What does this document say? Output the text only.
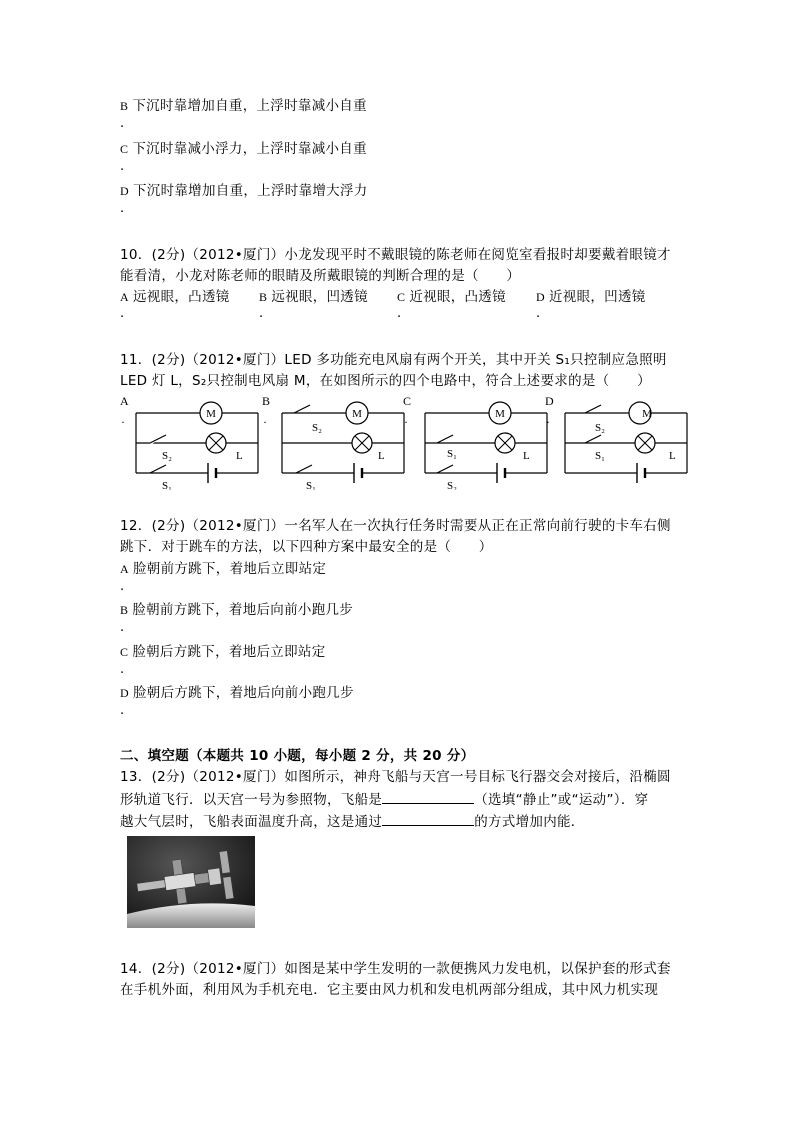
B 下沉时靠增加自重，上浮时靠减小自重
·
C 下沉时靠减小浮力，上浮时靠减小自重
·
D 下沉时靠增加自重，上浮时靠增大浮力
·
10．(2分)（2012•厦门）小龙发现平时不戴眼镜的陈老师在阅览室看报时却要戴着眼镜才
能看清，小龙对陈老师的眼睛及所戴眼镜的判断合理的是（　　）
A 远视眼，凸透镜 B 远视眼，凹透镜 C 近视眼，凸透镜	D 近视眼，凹透镜
·	·	·	·
11．(2分)（2012•厦门）LED 多功能充电风扇有两个开关，其中开关 S₁只控制应急照明
LED 灯 L，S₂只控制电风扇 M，在如图所示的四个电路中，符合上述要求的是（　　）
A
·
M
L
S₂
S₁
B
·
M
S₂
L
S₁
C
·
M
S₁	L
S₂
D
·
M
S₂
S₁	L
12．(2分)（2012•厦门）一名军人在一次执行任务时需要从正在正常向前行驶的卡车右侧
跳下．对于跳车的方法，以下四种方案中最安全的是（　　）
A 脸朝前方跳下，着地后立即站定
·
B 脸朝前方跳下，着地后向前小跑几步
·
C 脸朝后方跳下，着地后立即站定
·
D 脸朝后方跳下，着地后向前小跑几步
·
二、填空题（本题共 10 小题，每小题 2 分，共 20 分）
13．(2分)（2012•厦门）如图所示，神舟飞船与天宫一号目标飞行器交会对接后，沿椭圆
形轨道飞行．以天宫一号为参照物，飞船是	（选填“静止”或“运动”）．穿
越大气层时，飞船表面温度升高，这是通过	的方式增加内能．
14．(2分)（2012•厦门）如图是某中学生发明的一款便携风力发电机，以保护套的形式套
在手机外面，利用风为手机充电．它主要由风力机和发电机两部分组成，其中风力机实现
